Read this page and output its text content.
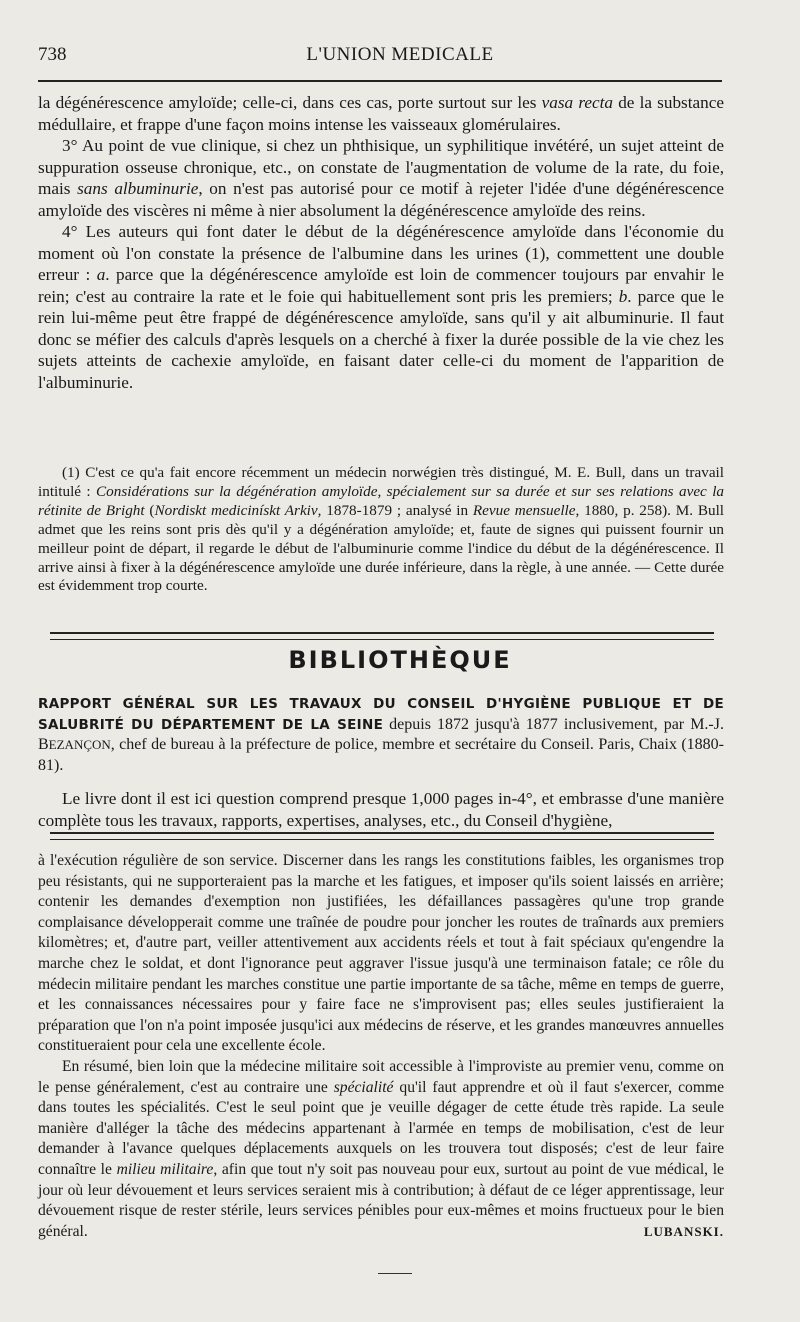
738	L'UNION MEDICALE

la dégénérescence amyloïde; celle-ci, dans ces cas, porte surtout sur les vasa recta de la substance médullaire, et frappe d'une façon moins intense les vaisseaux glomérulaires.

3° Au point de vue clinique, si chez un phthisique, un syphilitique invétéré, un sujet atteint de suppuration osseuse chronique, etc., on constate de l'augmentation de volume de la rate, du foie, mais sans albuminurie, on n'est pas autorisé pour ce motif à rejeter l'idée d'une dégénérescence amyloïde des viscères ni même à nier absolument la dégénérescence amyloïde des reins.

4° Les auteurs qui font dater le début de la dégénérescence amyloïde dans l'économie du moment où l'on constate la présence de l'albumine dans les urines (1), commettent une double erreur : a. parce que la dégénérescence amyloïde est loin de commencer toujours par envahir le rein; c'est au contraire la rate et le foie qui habituellement sont pris les premiers; b. parce que le rein lui-même peut être frappé de dégénérescence amyloïde, sans qu'il y ait albuminurie. Il faut donc se méfier des calculs d'après lesquels on a cherché à fixer la durée possible de la vie chez les sujets atteints de cachexie amyloïde, en faisant dater celle-ci du moment de l'apparition de l'albuminurie.

(1) C'est ce qu'a fait encore récemment un médecin norwégien très distingué, M. E. Bull, dans un travail intitulé : Considérations sur la dégénération amyloïde, spécialement sur sa durée et sur ses relations avec la rétinite de Bright (Nordiskt medicinískt Arkiv, 1878-1879 ; analysé in Revue mensuelle, 1880, p. 258). M. Bull admet que les reins sont pris dès qu'il y a dégénération amyloïde; et, faute de signes qui puissent fournir un meilleur point de départ, il regarde le début de l'albuminurie comme l'indice du début de la dégénérescence. Il arrive ainsi à fixer à la dégénérescence amyloïde une durée inférieure, dans la règle, à une année. — Cette durée est évidemment trop courte.

BIBLIOTHÈQUE

RAPPORT GÉNÉRAL SUR LES TRAVAUX DU CONSEIL D'HYGIÈNE PUBLIQUE ET DE SALUBRITÉ DU DÉPARTEMENT DE LA SEINE depuis 1872 jusqu'à 1877 inclusivement, par M.-J. BEZANÇON, chef de bureau à la préfecture de police, membre et secrétaire du Conseil. Paris, Chaix (1880-81).

Le livre dont il est ici question comprend presque 1,000 pages in-4°, et embrasse d'une manière complète tous les travaux, rapports, expertises, analyses, etc., du Conseil d'hygiène,

à l'exécution régulière de son service. Discerner dans les rangs les constitutions faibles, les organismes trop peu résistants, qui ne supporteraient pas la marche et les fatigues, et imposer qu'ils soient laissés en arrière; contenir les demandes d'exemption non justifiées, les défaillances passagères qu'une trop grande complaisance développerait comme une traînée de poudre pour joncher les routes de traînards aux premiers kilomètres; et, d'autre part, veiller attentivement aux accidents réels et tout à fait spéciaux qu'engendre la marche chez le soldat, et dont l'ignorance peut aggraver l'issue jusqu'à une terminaison fatale; ce rôle du médecin militaire pendant les marches constitue une partie importante de sa tâche, même en temps de guerre, et les connaissances nécessaires pour y faire face ne s'improvisent pas; elles seules justifieraient la préparation que l'on n'a point imposée jusqu'ici aux médecins de réserve, et les grandes manœuvres annuelles constitueraient pour cela une excellente école.

En résumé, bien loin que la médecine militaire soit accessible à l'improviste au premier venu, comme on le pense généralement, c'est au contraire une spécialité qu'il faut apprendre et où il faut s'exercer, comme dans toutes les spécialités. C'est le seul point que je veuille dégager de cette étude très rapide. La seule manière d'alléger la tâche des médecins appartenant à l'armée en temps de mobilisation, c'est de leur demander à l'avance quelques déplacements auxquels on les trouvera tout disposés; c'est de leur faire connaître le milieu militaire, afin que tout n'y soit pas nouveau pour eux, surtout au point de vue médical, le jour où leur dévouement et leurs services seraient mis à contribution; à défaut de ce léger apprentissage, leur dévouement risque de rester stérile, leurs services pénibles pour eux-mêmes et moins fructueux pour le bien général.	LUBANSKI.
